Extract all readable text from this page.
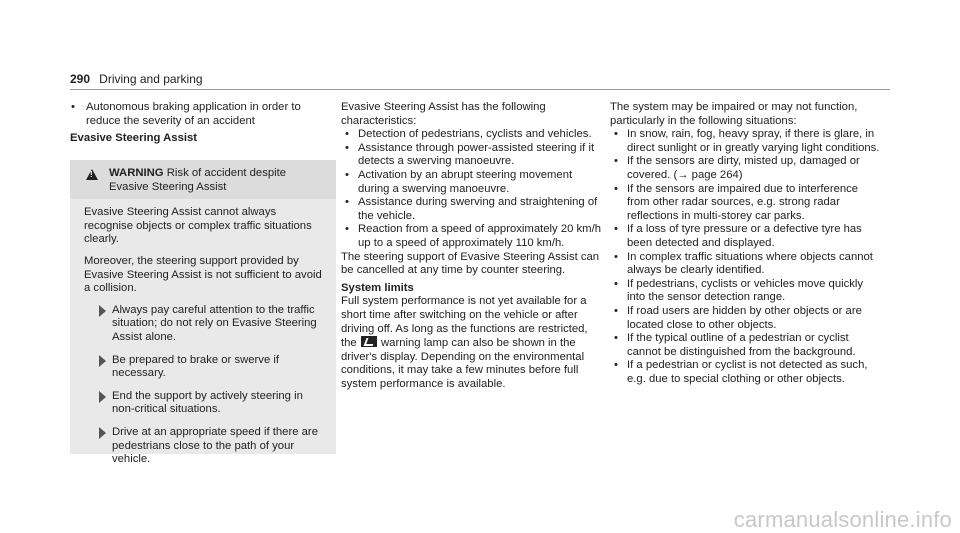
290 Driving and parking
• Autonomous braking application in order to reduce the severity of an accident
Evasive Steering Assist
!
WARNING Risk of accident despite Evasive Steering Assist

Evasive Steering Assist cannot always recognise objects or complex traffic situations clearly.

Moreover, the steering support provided by Evasive Steering Assist is not sufficient to avoid a collision.

Always pay careful attention to the traffic situation; do not rely on Evasive Steering Assist alone.
Be prepared to brake or swerve if necessary.
End the support by actively steering in non-critical situations.
Drive at an appropriate speed if there are pedestrians close to the path of your vehicle.

Evasive Steering Assist has the following characteristics:

• Detection of pedestrians, cyclists and vehicles.
• Assistance through power-assisted steering if it detects a swerving manoeuvre.
• Activation by an abrupt steering movement during a swerving manoeuvre.
• Assistance during swerving and straightening of the vehicle.
• Reaction from a speed of approximately 20 km/h up to a speed of approximately 110 km/h.

The steering support of Evasive Steering Assist can be cancelled at any time by counter steering.

System limits

Full system performance is not yet available for a short time after switching on the vehicle or after driving off. As long as the functions are restricted, the warning lamp can also be shown in the driver's display. Depending on the environmental conditions, it may take a few minutes before full system performance is available.

The system may be impaired or may not function, particularly in the following situations:

• In snow, rain, fog, heavy spray, if there is glare, in direct sunlight or in greatly varying light conditions.
• If the sensors are dirty, misted up, damaged or covered. (→ page 264)
• If the sensors are impaired due to interference from other radar sources, e.g. strong radar reflections in multi-storey car parks.
• If a loss of tyre pressure or a defective tyre has been detected and displayed.
• In complex traffic situations where objects cannot always be clearly identified.
• If pedestrians, cyclists or vehicles move quickly into the sensor detection range.
• If road users are hidden by other objects or are located close to other objects.
• If the typical outline of a pedestrian or cyclist cannot be distinguished from the background.
• If a pedestrian or cyclist is not detected as such, e.g. due to special clothing or other objects.
carmanualsonline.info
